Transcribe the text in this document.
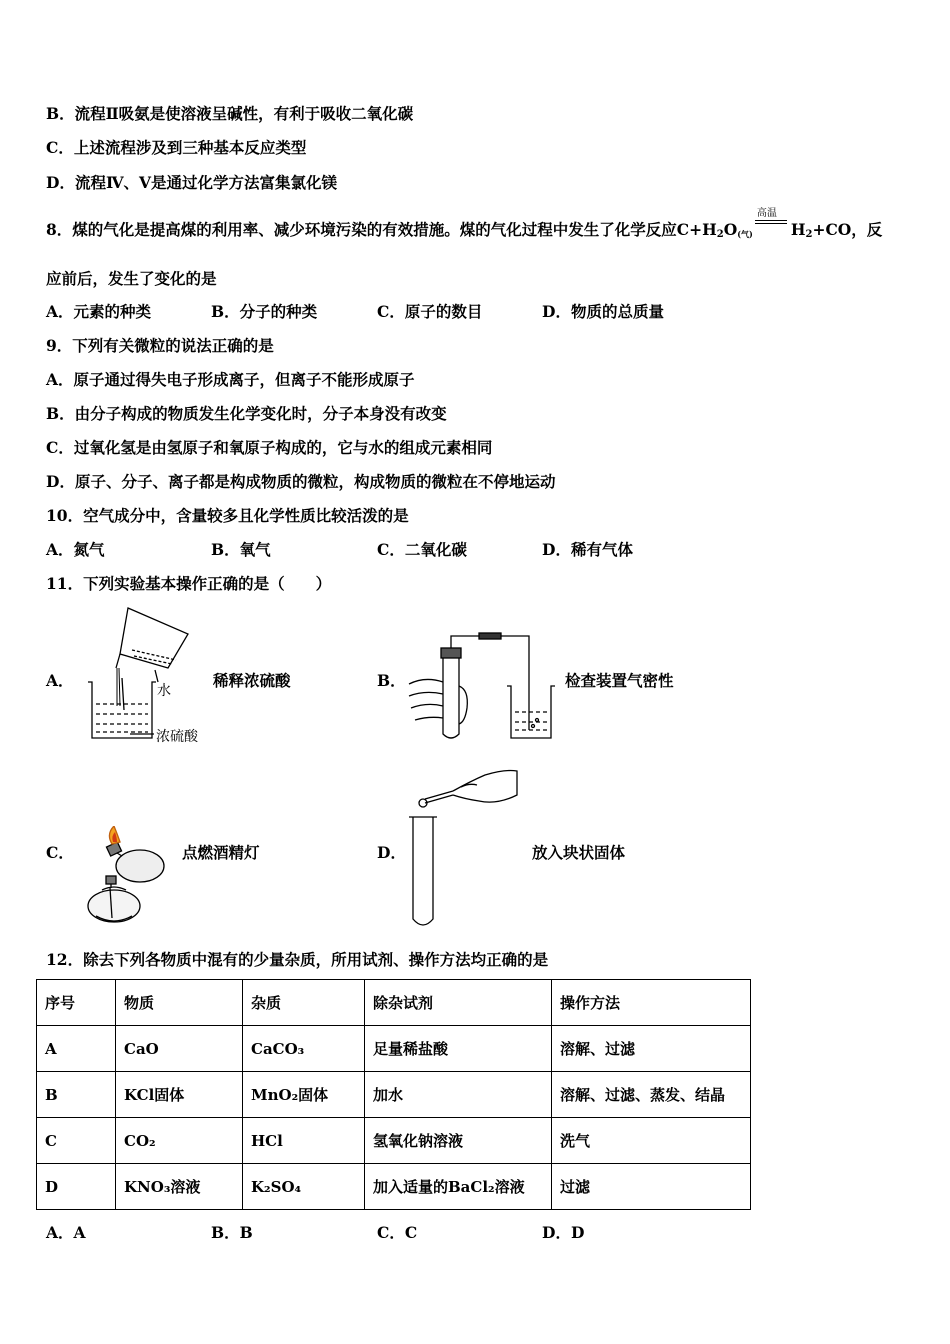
B．流程Ⅱ吸氨是使溶液呈碱性，有利于吸收二氧化碳
C．上述流程涉及到三种基本反应类型
D．流程Ⅳ、Ⅴ是通过化学方法富集氯化镁
8．煤的气化是提高煤的利用率、减少环境污染的有效措施。煤的气化过程中发生了化学反应$C+H_2O_{(气)}$
高温
$H_2+CO$，反
应前后，发生了变化的是
A．元素的种类	B．分子的种类	C．原子的数目	D．物质的总质量
9．下列有关微粒的说法正确的是
A．原子通过得失电子形成离子，但离子不能形成原子
B．由分子构成的物质发生化学变化时，分子本身没有改变
C．过氧化氢是由氢原子和氧原子构成的，它与水的组成元素相同
D．原子、分子、离子都是构成物质的微粒，构成物质的微粒在不停地运动
10．空气成分中，含量较多且化学性质比较活泼的是
A．氮气	B．氧气	C．二氧化碳	D．稀有气体
11．下列实验基本操作正确的是（　　）
A．
水
浓硫酸
稀释浓硫酸	B．	检查装置气密性
C．	点燃酒精灯	D．	放入块状固体
12．除去下列各物质中混有的少量杂质，所用试剂、操作方法均正确的是
序号	物质	杂质	除杂试剂	操作方法
A	CaO	CaCO₃	足量稀盐酸	溶解、过滤
B	KCl固体	MnO₂固体	加水	溶解、过滤、蒸发、结晶
C	CO₂	HCl	氢氧化钠溶液	洗气
D	KNO₃溶液	K₂SO₄	加入适量的BaCl₂溶液	过滤
A．A	B．B	C．C	D．D
